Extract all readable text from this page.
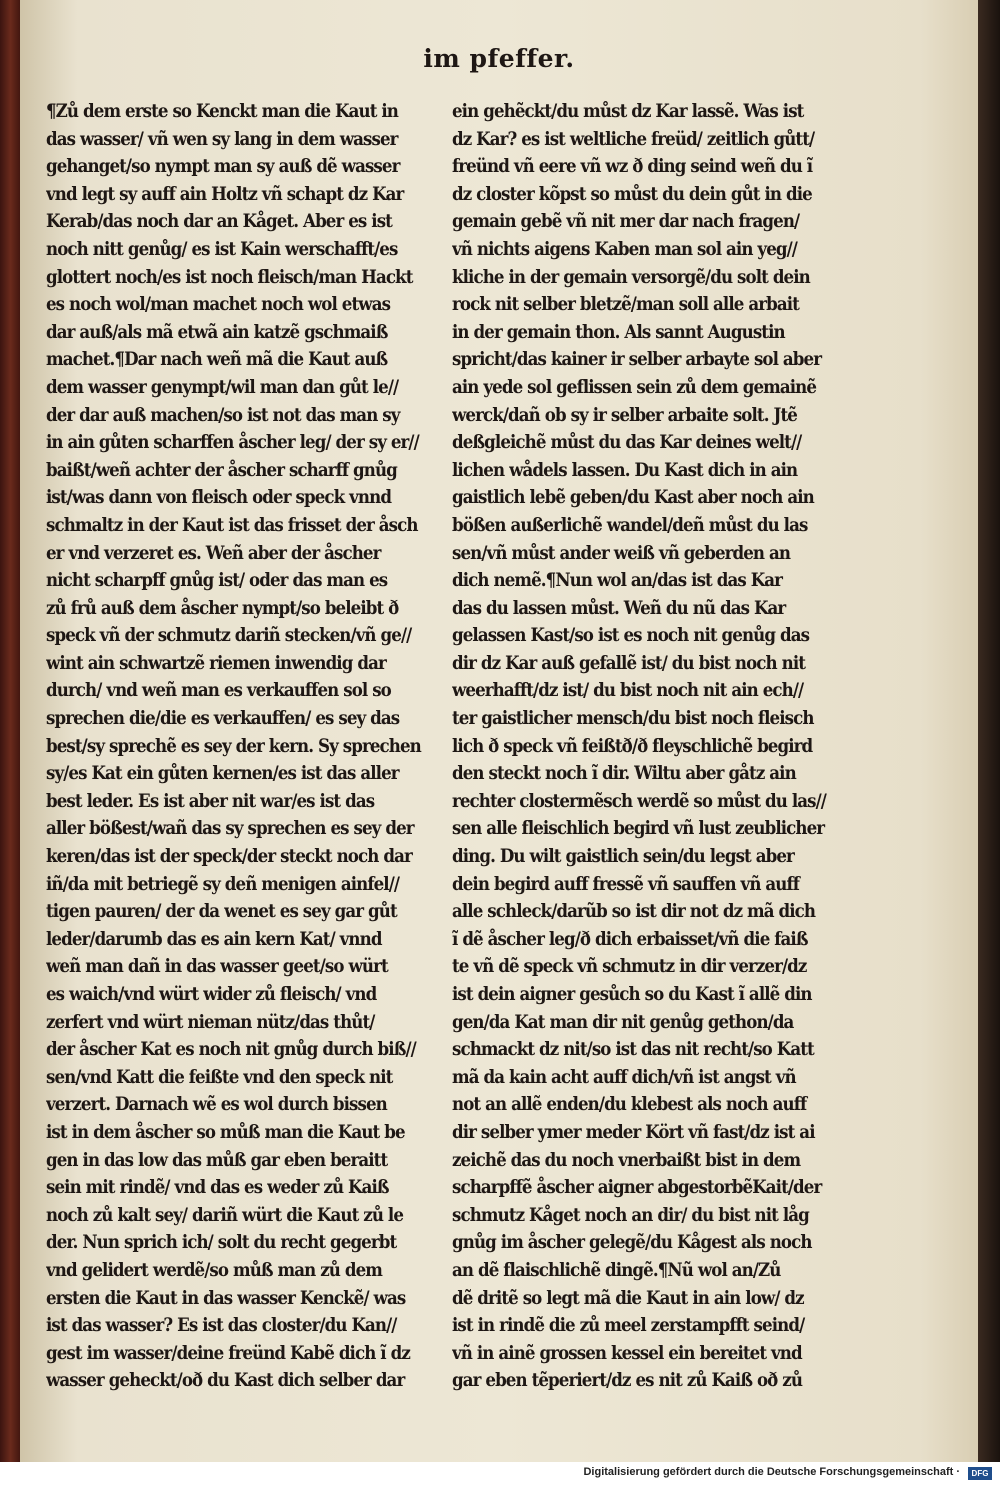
im pfeffer.
¶Zů dem erste so Kenckt man die Kaut in
das wasser/ vñ wen sy lang in dem wasser
gehanget/so nympt man sy auß dẽ wasser
vnd legt sy auff ain Holtz vñ schapt dz Kar
Kerab/das noch dar an Kåget. Aber es ist
noch nitt genůg/ es ist Kain werschafft/es
glottert noch/es ist noch fleisch/man Hackt
es noch wol/man machet noch wol etwas
dar auß/als mã etwã ain katzẽ gschmaiß
machet.¶Dar nach weñ mã die Kaut auß
dem wasser genympt/wil man dan gůt le//
der dar auß machen/so ist not das man sy
in ain gůten scharffen åscher leg/ der sy er//
baißt/weñ achter der åscher scharff gnůg
ist/was dann von fleisch oder speck vnnd
schmaltz in der Kaut ist das frisset der åsch
er vnd verzeret es. Weñ aber der åscher
nicht scharpff gnůg ist/ oder das man es
zů frů auß dem åscher nympt/so beleibt ð
speck vñ der schmutz dariñ stecken/vñ ge//
wint ain schwartzẽ riemen inwendig dar
durch/ vnd weñ man es verkauffen sol so
sprechen die/die es verkauffen/ es sey das
best/sy sprechẽ es sey der kern. Sy sprechen
sy/es Kat ein gůten kernen/es ist das aller
best leder. Es ist aber nit war/es ist das
aller bößest/wañ das sy sprechen es sey der
keren/das ist der speck/der steckt noch dar
iñ/da mit betriegẽ sy deñ menigen ainfel//
tigen pauren/ der da wenet es sey gar gůt
leder/darumb das es ain kern Kat/ vnnd
weñ man dañ in das wasser geet/so würt
es waich/vnd würt wider zů fleisch/ vnd
zerfert vnd würt nieman nütz/das thůt/
der åscher Kat es noch nit gnůg durch biß//
sen/vnd Katt die feißte vnd den speck nit
verzert. Darnach wẽ es wol durch bissen
ist in dem åscher so můß man die Kaut be
gen in das low das můß gar eben beraitt
sein mit rindẽ/ vnd das es weder zů Kaiß
noch zů kalt sey/ dariñ würt die Kaut zů le
der. Nun sprich ich/ solt du recht gegerbt
vnd gelidert werdẽ/so můß man zů dem
ersten die Kaut in das wasser Kenckẽ/ was
ist das wasser? Es ist das closter/du Kan//
gest im wasser/deine freünd Kabẽ dich ĩ dz
wasser geheckt/oð du Kast dich selber dar
ein gehẽckt/du můst dz Kar lassẽ. Was ist
dz Kar? es ist weltliche freüd/ zeitlich gůtt/
freünd vñ eere vñ wz ð ding seind weñ du ĩ
dz closter kõpst so můst du dein gůt in die
gemain gebẽ vñ nit mer dar nach fragen/
vñ nichts aigens Kaben man sol ain yeg//
kliche in der gemain versorgẽ/du solt dein
rock nit selber bletzẽ/man soll alle arbait
in der gemain thon. Als sannt Augustin
spricht/das kainer ir selber arbayte sol aber
ain yede sol geflissen sein zů dem gemainẽ
werck/dañ ob sy ir selber arbaite solt. Jtẽ
deßgleichẽ můst du das Kar deines welt//
lichen wådels lassen. Du Kast dich in ain
gaistlich lebẽ geben/du Kast aber noch ain
bößen außerlichẽ wandel/deñ můst du las
sen/vñ můst ander weiß vñ geberden an
dich nemẽ.¶Nun wol an/das ist das Kar
das du lassen můst. Weñ du nũ das Kar
gelassen Kast/so ist es noch nit genůg das
dir dz Kar auß gefallẽ ist/ du bist noch nit
weerhafft/dz ist/ du bist noch nit ain ech//
ter gaistlicher mensch/du bist noch fleisch
lich ð speck vñ feißtð/ð fleyschlichẽ begird
den steckt noch ĩ dir. Wiltu aber gåtz ain
rechter clostermẽsch werdẽ so můst du las//
sen alle fleischlich begird vñ lust zeublicher
ding. Du wilt gaistlich sein/du legst aber
dein begird auff fressẽ vñ sauffen vñ auff
alle schleck/darũb so ist dir not dz mã dich
ĩ dẽ åscher leg/ð dich erbaisset/vñ die faiß
te vñ dẽ speck vñ schmutz in dir verzer/dz
ist dein aigner gesůch so du Kast ĩ allẽ din
gen/da Kat man dir nit genůg gethon/da
schmackt dz nit/so ist das nit recht/so Katt
mã da kain acht auff dich/vñ ist angst vñ
not an allẽ enden/du klebest als noch auff
dir selber ymer meder Kört vñ fast/dz ist ai
zeichẽ das du noch vnerbaißt bist in dem
scharpffẽ åscher aigner abgestorbẽKait/der
schmutz Kåget noch an dir/ du bist nit låg
gnůg im åscher gelegẽ/du Kågest als noch
an dẽ flaischlichẽ dingẽ.¶Nũ wol an/Zů
dẽ dritẽ so legt mã die Kaut in ain low/ dz
ist in rindẽ die zů meel zerstampfft seind/
vñ in ainẽ grossen kessel ein bereitet vnd
gar eben tẽperiert/dz es nit zů Kaiß oð zů
Digitalisierung gefördert durch die Deutsche Forschungsgemeinschaft ·	DFG
